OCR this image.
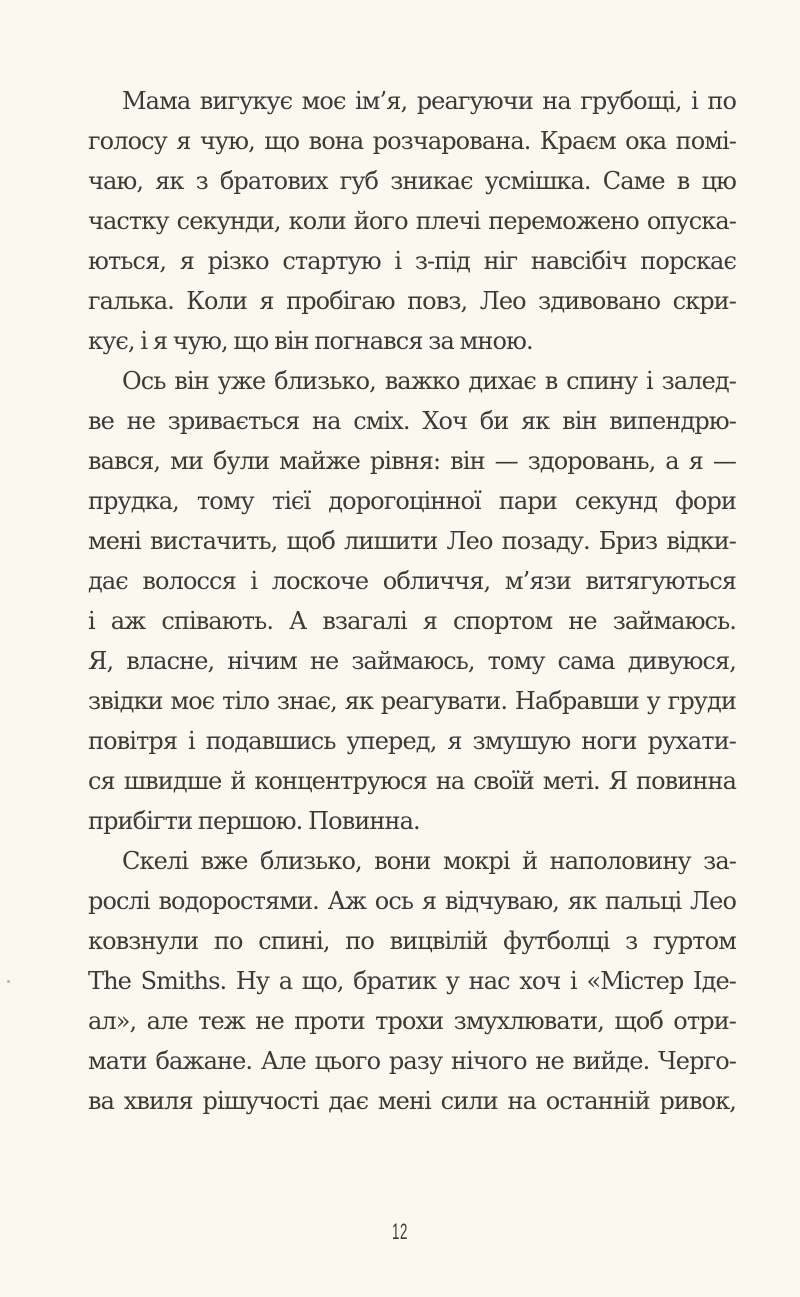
Мама вигукує моє ім’я, реагуючи на грубощі, і по
голосу я чую, що вона розчарована. Краєм ока помі-
чаю, як з братових губ зникає усмішка. Саме в цю
частку секунди, коли його плечі переможено опуска-
ються, я різко стартую і з-під ніг навсібіч порскає
галька. Коли я пробігаю повз, Лео здивовано скри-
кує, і я чую, що він погнався за мною.
Ось він уже близько, важко дихає в спину і залед-
ве не зривається на сміх. Хоч би як він випендрю-
вався, ми були майже рівня: він — здоровань, а я —
прудка, тому тієї дорогоцінної пари секунд фори
мені вистачить, щоб лишити Лео позаду. Бриз відки-
дає волосся і лоскоче обличчя, м’язи витягуються
і аж співають. А взагалі я спортом не займаюсь.
Я, власне, нічим не займаюсь, тому сама дивуюся,
звідки моє тіло знає, як реагувати. Набравши у груди
повітря і подавшись уперед, я змушую ноги рухати-
ся швидше й концентруюся на своїй меті. Я повинна
прибігти першою. Повинна.
Скелі вже близько, вони мокрі й наполовину за-
рослі водоростями. Аж ось я відчуваю, як пальці Лео
ковзнули по спині, по вицвілій футболці з гуртом
The Smiths. Ну а що, братик у нас хоч і «Містер Іде-
ал», але теж не проти трохи змухлювати, щоб отри-
мати бажане. Але цього разу нічого не вийде. Черго-
ва хвиля рішучості дає мені сили на останній ривок,
12
